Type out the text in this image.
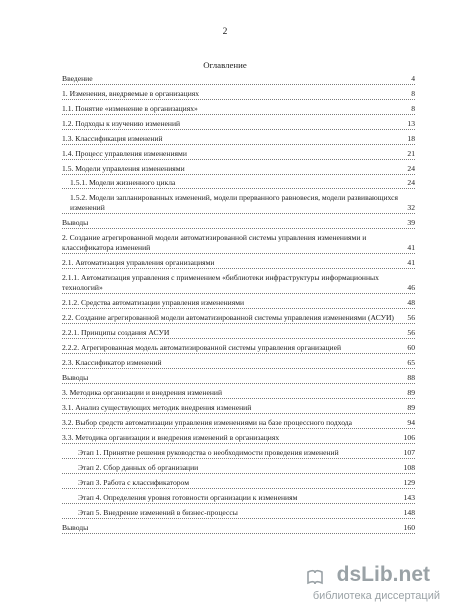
2
Оглавление
Введение	4
1. Изменения, внедряемые в организациях	8
1.1. Понятие «изменение в организациях»	8
1.2. Подходы к изучению изменений	13
1.3. Классификация изменений	18
1.4. Процесс управления изменениями	21
1.5. Модели управления изменениями	24
1.5.1. Модели жизненного цикла	24
1.5.2. Модели запланированных изменений, модели прерванного равновесия, модели развивающихся изменений	32
Выводы	39
2. Создание агрегированной модели автоматизированной системы управления изменениями и классификатора изменений	41
2.1. Автоматизация управления организациями	41
2.1.1. Автоматизация управления с применением «библиотеки инфраструктуры информационных технологий»	46
2.1.2. Средства автоматизации управления изменениями	48
2.2. Создание агрегированной модели автоматизированной системы управления изменениями (АСУИ)	56
2.2.1. Принципы создания АСУИ	56
2.2.2. Агрегированная модель автоматизированной системы управления организацией	60
2.3. Классификатор изменений	65
Выводы	88
3. Методика организации и внедрения изменений	89
3.1. Анализ существующих методик внедрения изменений	89
3.2. Выбор средств автоматизации управления изменениями на базе процессного подхода	94
3.3. Методика организации и внедрения изменений в организациях	106
Этап 1. Принятие решения руководства о необходимости проведения изменений	107
Этап 2. Сбор данных об организации	108
Этап 3. Работа с классификатором	129
Этап 4. Определения уровня готовности организации к изменениям	143
Этап 5. Внедрение изменений в бизнес-процессы	148
Выводы	160
dsLib.net
библиотека диссертаций
